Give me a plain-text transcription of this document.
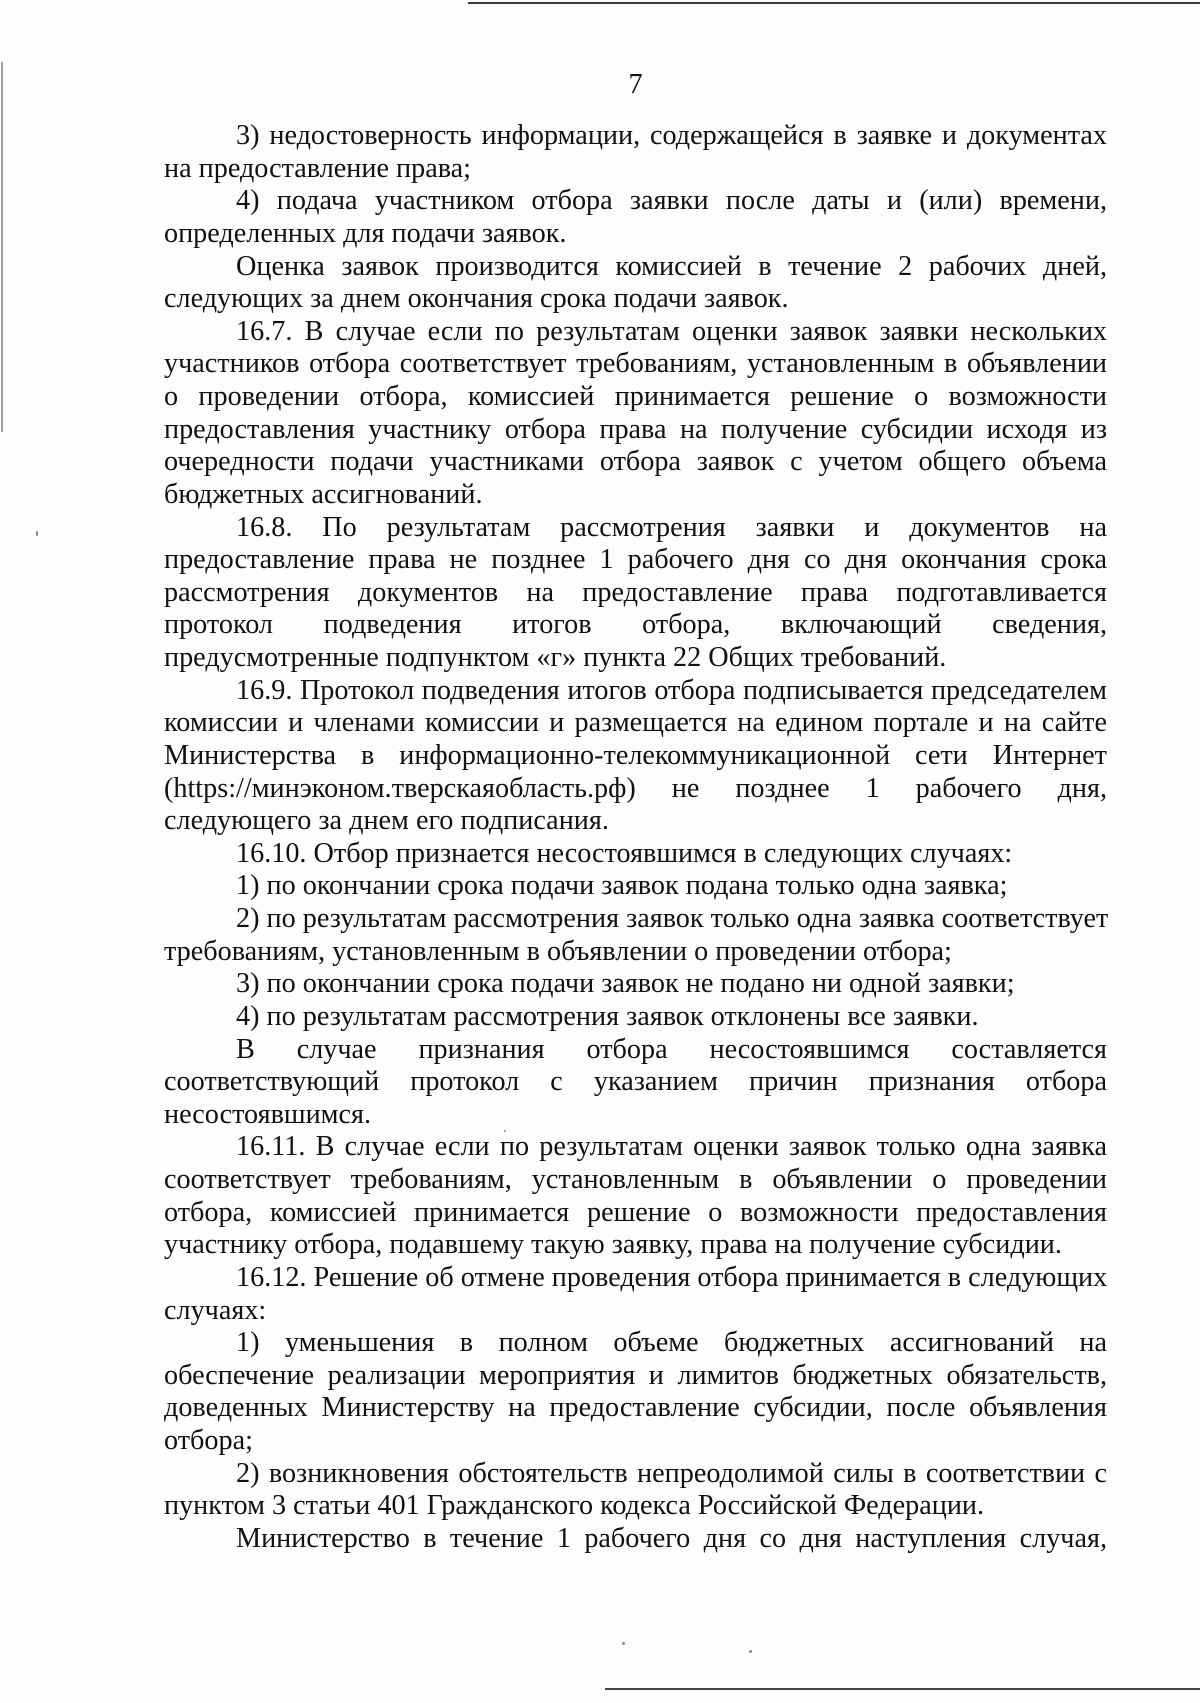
7
3) недостоверность информации, содержащейся в заявке и документах
на предоставление права;
4) подача участником отбора заявки после даты и (или) времени,
определенных для подачи заявок.
Оценка заявок производится комиссией в течение 2 рабочих дней,
следующих за днем окончания срока подачи заявок.
16.7. В случае если по результатам оценки заявок заявки нескольких
участников отбора соответствует требованиям, установленным в объявлении
о проведении отбора, комиссией принимается решение о возможности
предоставления участнику отбора права на получение субсидии исходя из
очередности подачи участниками отбора заявок с учетом общего объема
бюджетных ассигнований.
16.8. По результатам рассмотрения заявки и документов на
предоставление права не позднее 1 рабочего дня со дня окончания срока
рассмотрения документов на предоставление права подготавливается
протокол подведения итогов отбора, включающий сведения,
предусмотренные подпунктом «г» пункта 22 Общих требований.
16.9. Протокол подведения итогов отбора подписывается председателем
комиссии и членами комиссии и размещается на едином портале и на сайте
Министерства в информационно-телекоммуникационной сети Интернет
(https://минэконом.тверскаяобласть.рф) не позднее 1 рабочего дня,
следующего за днем его подписания.
16.10. Отбор признается несостоявшимся в следующих случаях:
1) по окончании срока подачи заявок подана только одна заявка;
2) по результатам рассмотрения заявок только одна заявка соответствует
требованиям, установленным в объявлении о проведении отбора;
3) по окончании срока подачи заявок не подано ни одной заявки;
4) по результатам рассмотрения заявок отклонены все заявки.
В случае признания отбора несостоявшимся составляется
соответствующий протокол с указанием причин признания отбора
несостоявшимся.
16.11. В случае если по результатам оценки заявок только одна заявка
соответствует требованиям, установленным в объявлении о проведении
отбора, комиссией принимается решение о возможности предоставления
участнику отбора, подавшему такую заявку, права на получение субсидии.
16.12. Решение об отмене проведения отбора принимается в следующих
случаях:
1) уменьшения в полном объеме бюджетных ассигнований на
обеспечение реализации мероприятия и лимитов бюджетных обязательств,
доведенных Министерству на предоставление субсидии, после объявления
отбора;
2) возникновения обстоятельств непреодолимой силы в соответствии с
пунктом 3 статьи 401 Гражданского кодекса Российской Федерации.
Министерство в течение 1 рабочего дня со дня наступления случая,
